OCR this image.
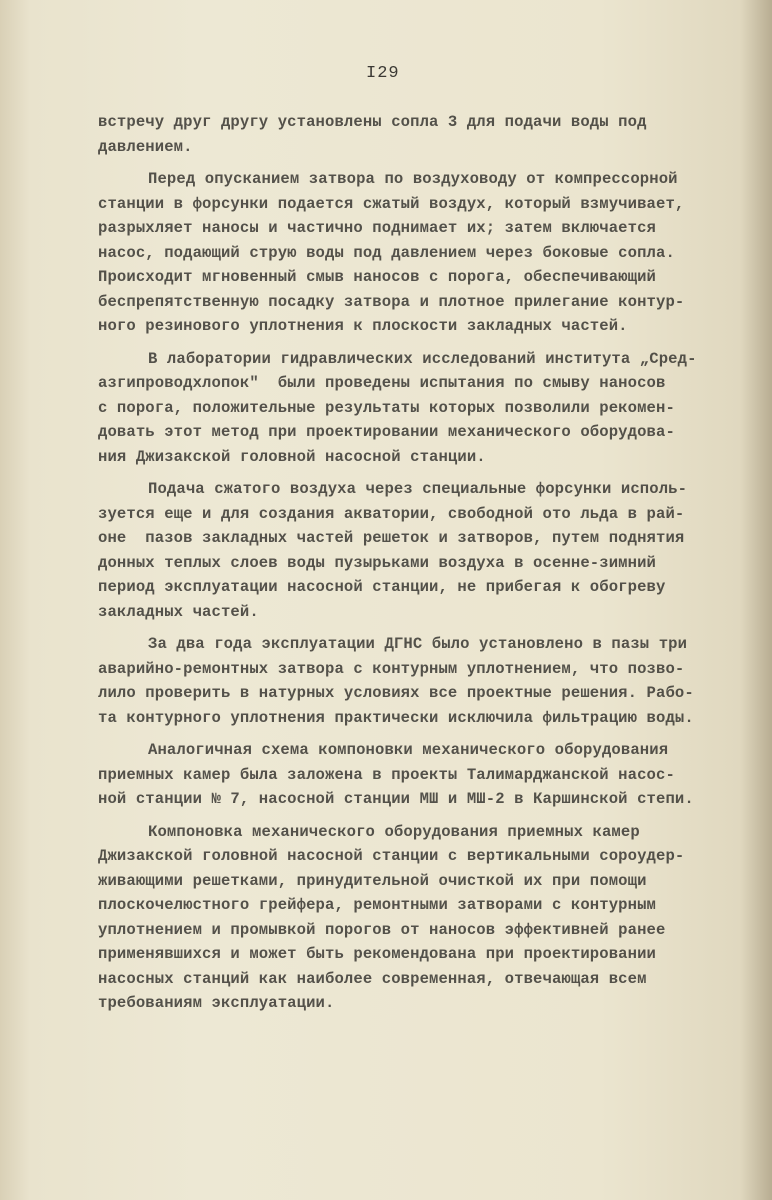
I29
встречу друг другу установлены сопла 3 для подачи воды под
давлением.
Перед опусканием затвора по воздуховоду от компрессорной
станции в форсунки подается сжатый воздух, который взмучивает,
разрыхляет наносы и частично поднимает их; затем включается
насос, подающий струю воды под давлением через боковые сопла.
Происходит мгновенный смыв наносов с порога, обеспечивающий
беспрепятственную посадку затвора и плотное прилегание контур-
ного резинового уплотнения к плоскости закладных частей.
В лаборатории гидравлических исследований института „Сред-
азгипроводхлопок"  были проведены испытания по смыву наносов
с порога, положительные результаты которых позволили рекомен-
довать этот метод при проектировании механического оборудова-
ния Джизакской головной насосной станции.
Подача сжатого воздуха через специальные форсунки исполь-
зуется еще и для создания акватории, свободной ото льда в рай-
оне  пазов закладных частей решеток и затворов, путем поднятия
донных теплых слоев воды пузырьками воздуха в осенне-зимний
период эксплуатации насосной станции, не прибегая к обогреву
закладных частей.
За два года эксплуатации ДГНС было установлено в пазы три
аварийно-ремонтных затвора с контурным уплотнением, что позво-
лило проверить в натурных условиях все проектные решения. Рабо-
та контурного уплотнения практически исключила фильтрацию воды.
Аналогичная схема компоновки механического оборудования
приемных камер была заложена в проекты Талимарджанской насос-
ной станции № 7, насосной станции МШ и МШ-2 в Каршинской степи.
Компоновка механического оборудования приемных камер
Джизакской головной насосной станции с вертикальными сороудер-
живающими решетками, принудительной очисткой их при помощи
плоскочелюстного грейфера, ремонтными затворами с контурным
уплотнением и промывкой порогов от наносов эффективней ранее
применявшихся и может быть рекомендована при проектировании
насосных станций как наиболее современная, отвечающая всем
требованиям эксплуатации.
